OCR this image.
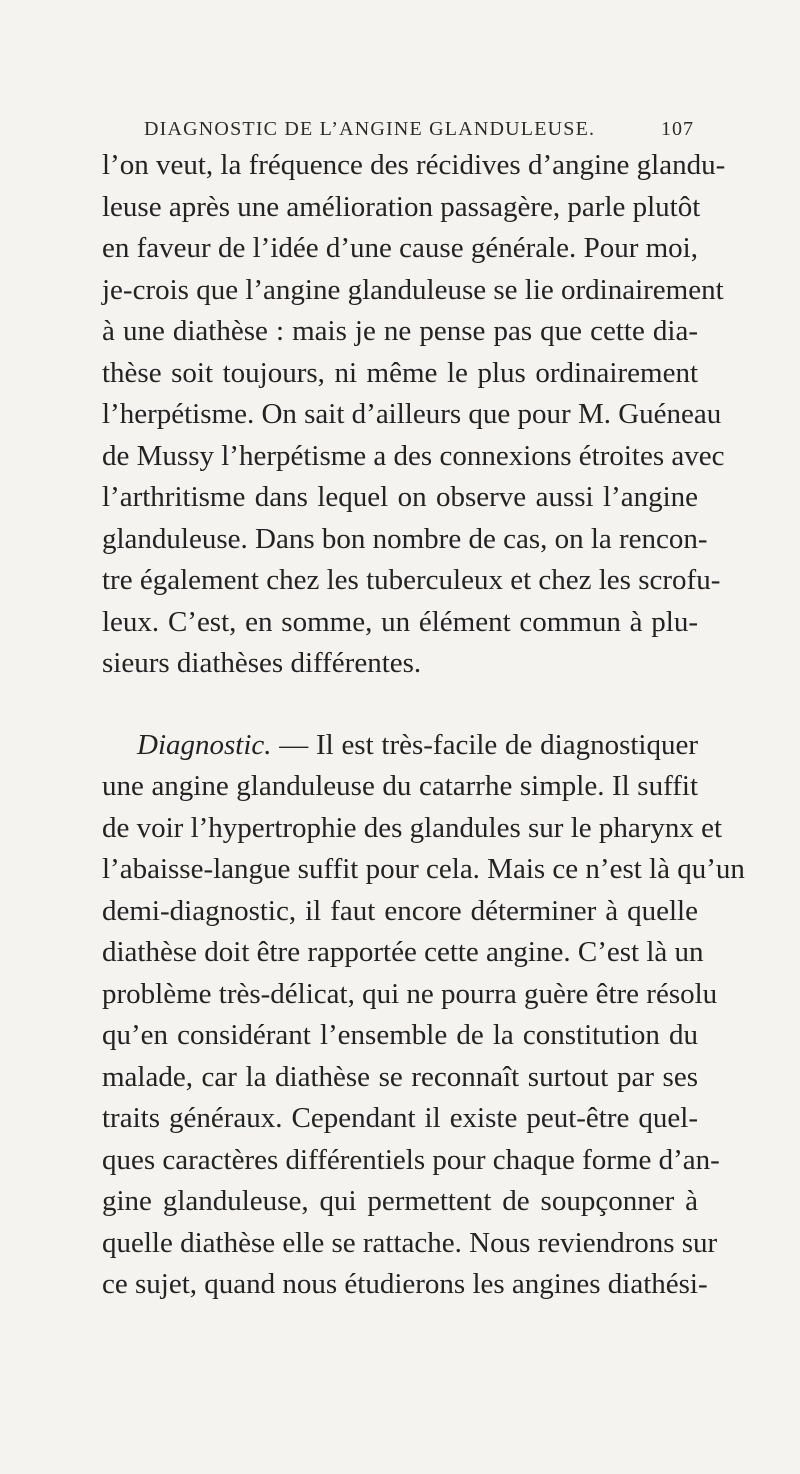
DIAGNOSTIC DE L’ANGINE GLANDULEUSE.	107
l’on veut, la fréquence des récidives d’angine glandu-
leuse après une amélioration passagère, parle plutôt
en faveur de l’idée d’une cause générale. Pour moi,
je-crois que l’angine glanduleuse se lie ordinairement
à une diathèse : mais je ne pense pas que cette dia-
thèse soit toujours, ni même le plus ordinairement
l’herpétisme. On sait d’ailleurs que pour M. Guéneau
de Mussy l’herpétisme a des connexions étroites avec
l’arthritisme dans lequel on observe aussi l’angine
glanduleuse. Dans bon nombre de cas, on la rencon-
tre également chez les tuberculeux et chez les scrofu-
leux. C’est, en somme, un élément commun à plu-
sieurs diathèses différentes.
Diagnostic. — Il est très-facile de diagnostiquer
une angine glanduleuse du catarrhe simple. Il suffit
de voir l’hypertrophie des glandules sur le pharynx et
l’abaisse-langue suffit pour cela. Mais ce n’est là qu’un
demi-diagnostic, il faut encore déterminer à quelle
diathèse doit être rapportée cette angine. C’est là un
problème très-délicat, qui ne pourra guère être résolu
qu’en considérant l’ensemble de la constitution du
malade, car la diathèse se reconnaît surtout par ses
traits généraux. Cependant il existe peut-être quel-
ques caractères différentiels pour chaque forme d’an-
gine glanduleuse, qui permettent de soupçonner à
quelle diathèse elle se rattache. Nous reviendrons sur
ce sujet, quand nous étudierons les angines diathési-
